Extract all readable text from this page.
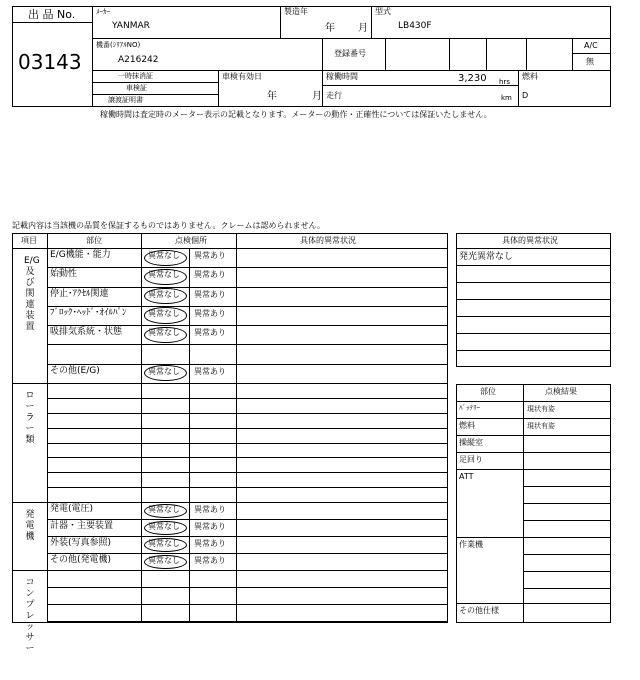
出 品 No.
03143
ﾒｰｶｰ
YANMAR
製造年
年 月
型式
LB430F
機番(ｼﾘｱﾙNO)
A216242
登録番号
A/C
無
一時抹消証
車検証
譲渡証明書
車検有効日
年	月
稼働時間	3,230 hrs
走行	km
燃料
D
稼働時間は査定時のメーター表示の記載となります。メーターの動作・正確性については保証いたしません。
記載内容は当該機の品質を保証するものではありません。クレームは認められません。
項目	部位	点検個所	具体的異常状況
E/G及び関連装置
E/G機能・能力	異常なし 異常あり
始動性	異常なし 異常あり
停止･ｱｸｾﾙ関連	異常なし 異常あり
ﾌﾞﾛｯｸ･ﾍｯﾄﾞ･ｵｲﾙﾊﾟﾝ	異常なし 異常あり
吸排気系統・状態	異常なし 異常あり
その他(E/G)	異常なし 異常あり
ローラー類
発電機
発電(電圧)	異常なし 異常あり
計器・主要装置	異常なし 異常あり
外装(写真参照)	異常なし 異常あり
その他(発電機)	異常なし 異常あり
コンプレッサー
具体的異常状況
発光異常なし
部位	点検結果
ﾊﾞｯﾃﾘｰ	現状有姿
燃料	現状有姿
操縦室
足回り
ATT
作業機
その他仕様
